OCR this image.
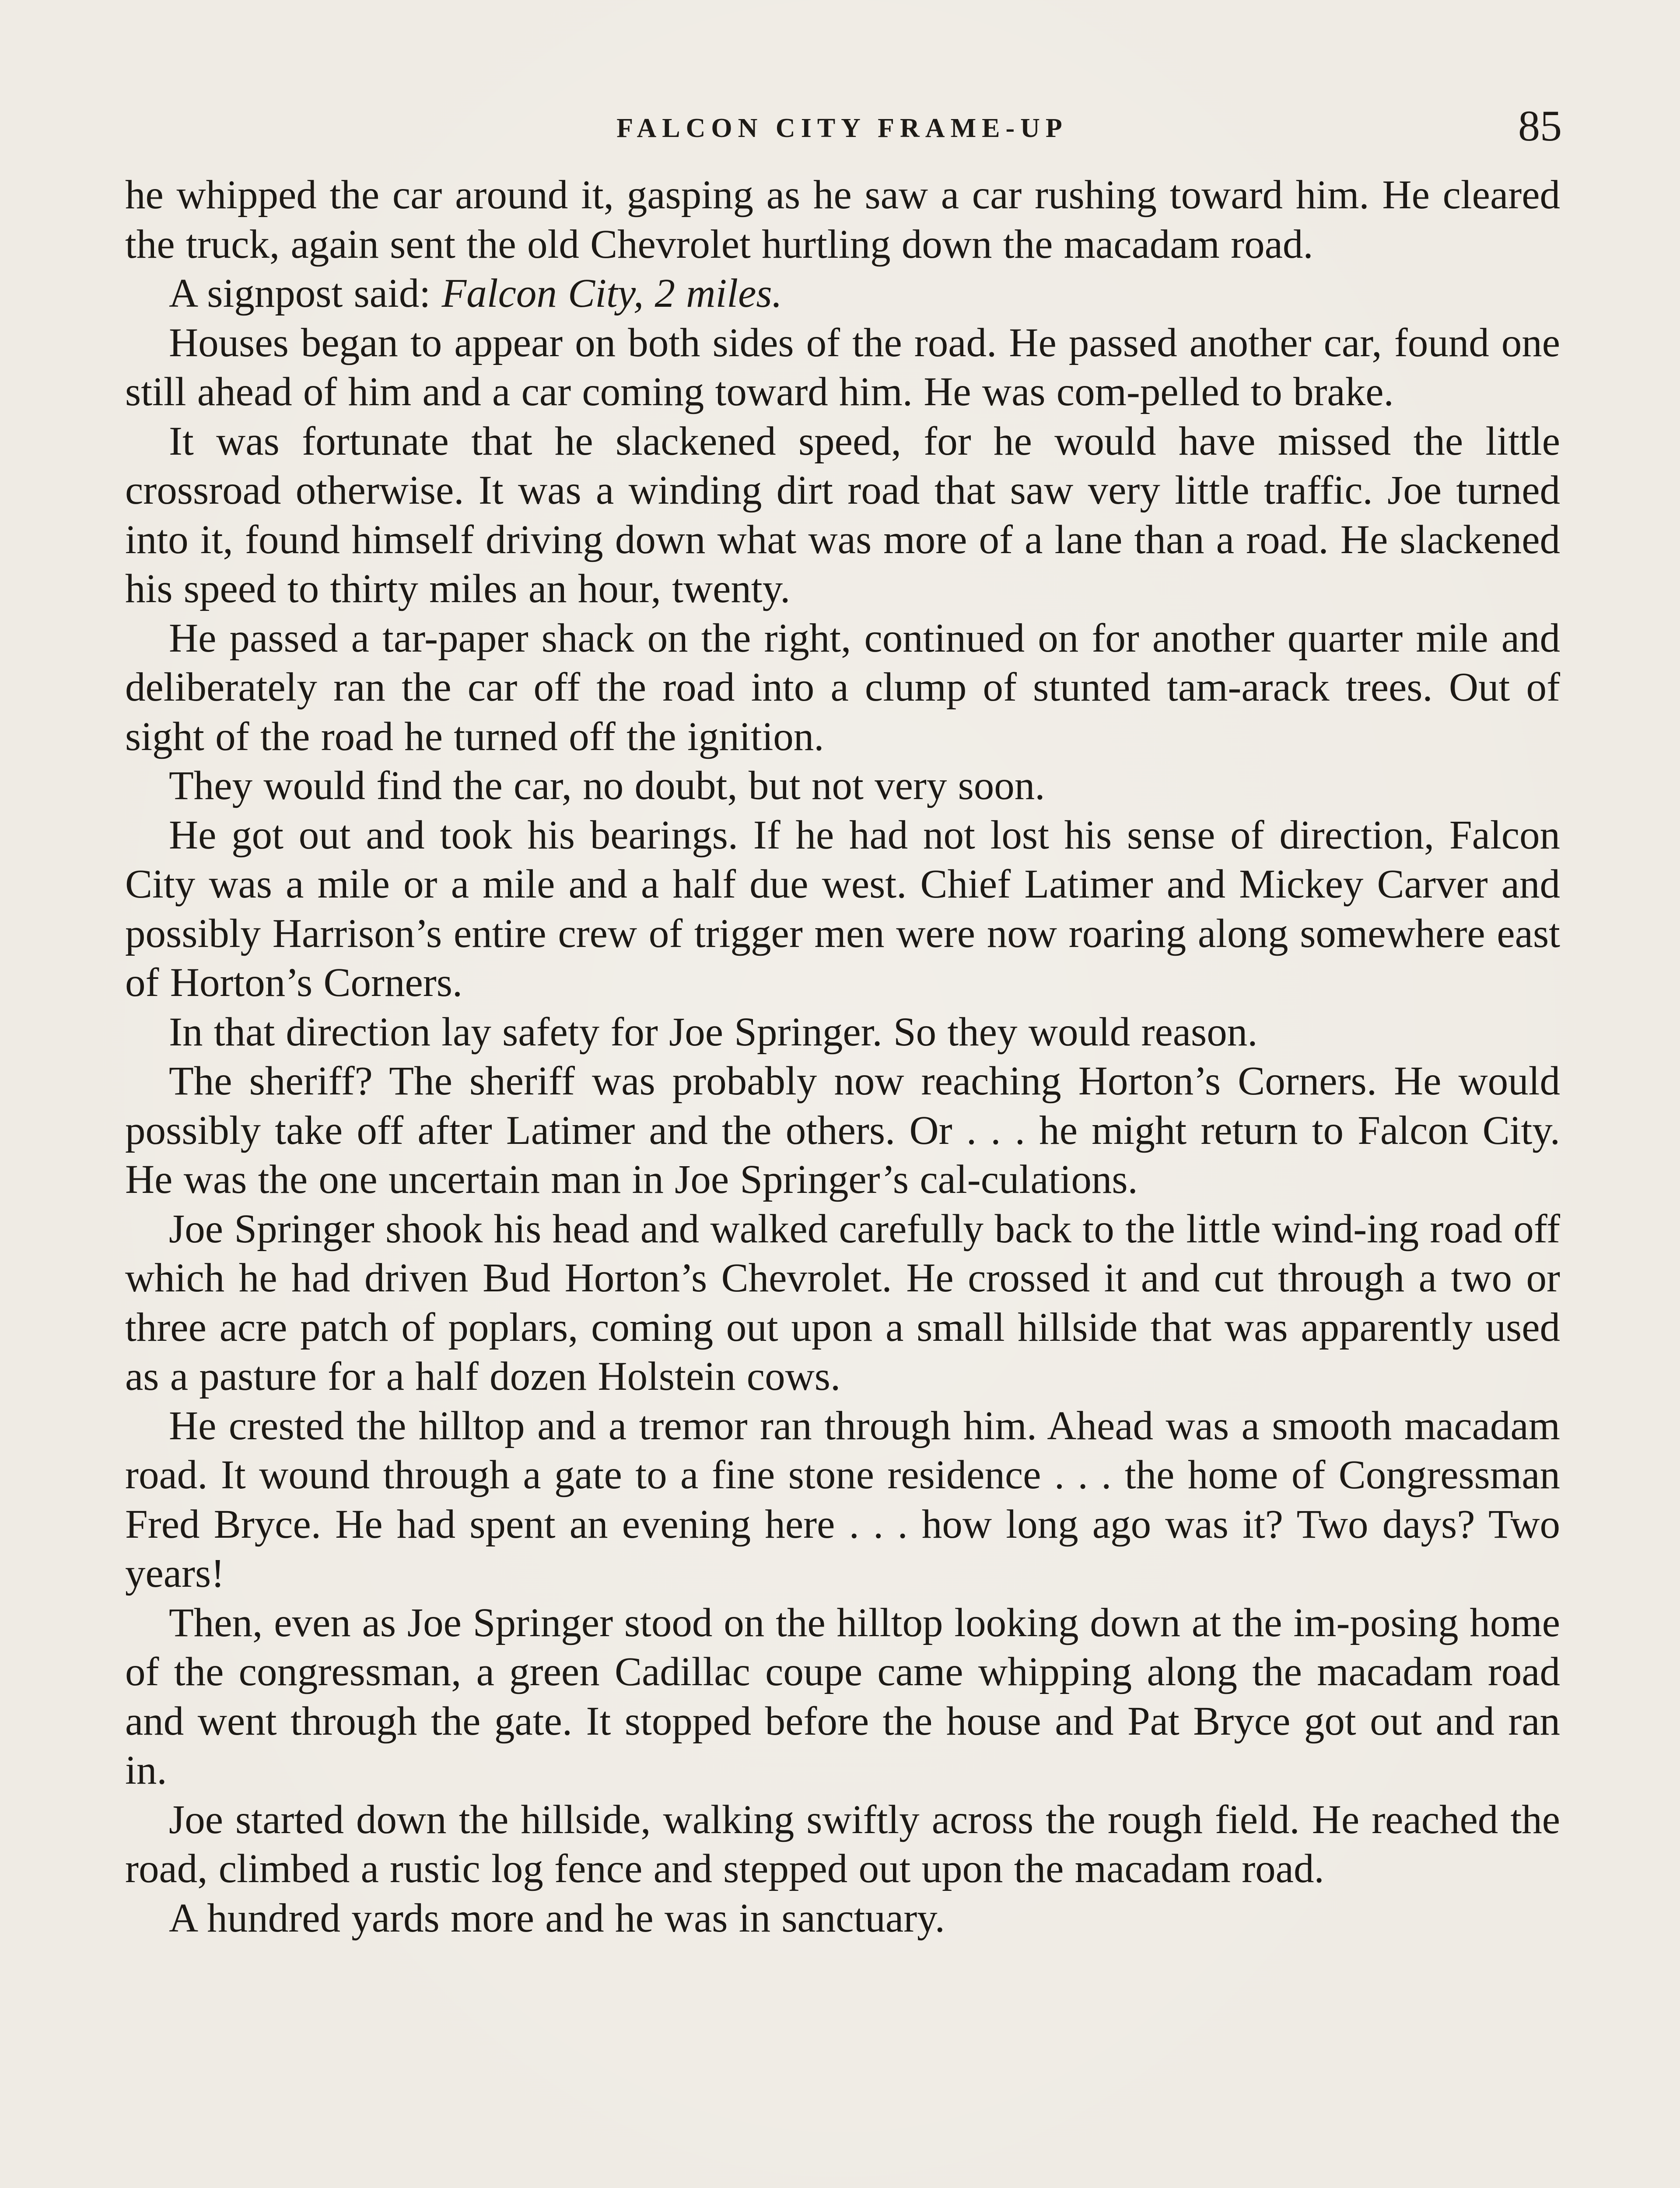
FALCON CITY FRAME-UP	85

he whipped the car around it, gasping as he saw a car rushing toward him. He cleared the truck, again sent the old Chevrolet hurtling down the macadam road.

A signpost said: Falcon City, 2 miles.

Houses began to appear on both sides of the road. He passed another car, found one still ahead of him and a car coming toward him. He was com-pelled to brake.

It was fortunate that he slackened speed, for he would have missed the little crossroad otherwise. It was a winding dirt road that saw very little traffic. Joe turned into it, found himself driving down what was more of a lane than a road. He slackened his speed to thirty miles an hour, twenty.

He passed a tar-paper shack on the right, continued on for another quarter mile and deliberately ran the car off the road into a clump of stunted tam-arack trees. Out of sight of the road he turned off the ignition.

They would find the car, no doubt, but not very soon.

He got out and took his bearings. If he had not lost his sense of direction, Falcon City was a mile or a mile and a half due west. Chief Latimer and Mickey Carver and possibly Harrison’s entire crew of trigger men were now roaring along somewhere east of Horton’s Corners.

In that direction lay safety for Joe Springer. So they would reason.

The sheriff? The sheriff was probably now reaching Horton’s Corners. He would possibly take off after Latimer and the others. Or . . . he might return to Falcon City. He was the one uncertain man in Joe Springer’s cal-culations.

Joe Springer shook his head and walked carefully back to the little wind-ing road off which he had driven Bud Horton’s Chevrolet. He crossed it and cut through a two or three acre patch of poplars, coming out upon a small hillside that was apparently used as a pasture for a half dozen Holstein cows.

He crested the hilltop and a tremor ran through him. Ahead was a smooth macadam road. It wound through a gate to a fine stone residence . . . the home of Congressman Fred Bryce. He had spent an evening here . . . how long ago was it? Two days? Two years!

Then, even as Joe Springer stood on the hilltop looking down at the im-posing home of the congressman, a green Cadillac coupe came whipping along the macadam road and went through the gate. It stopped before the house and Pat Bryce got out and ran in.

Joe started down the hillside, walking swiftly across the rough field. He reached the road, climbed a rustic log fence and stepped out upon the macadam road.

A hundred yards more and he was in sanctuary.
